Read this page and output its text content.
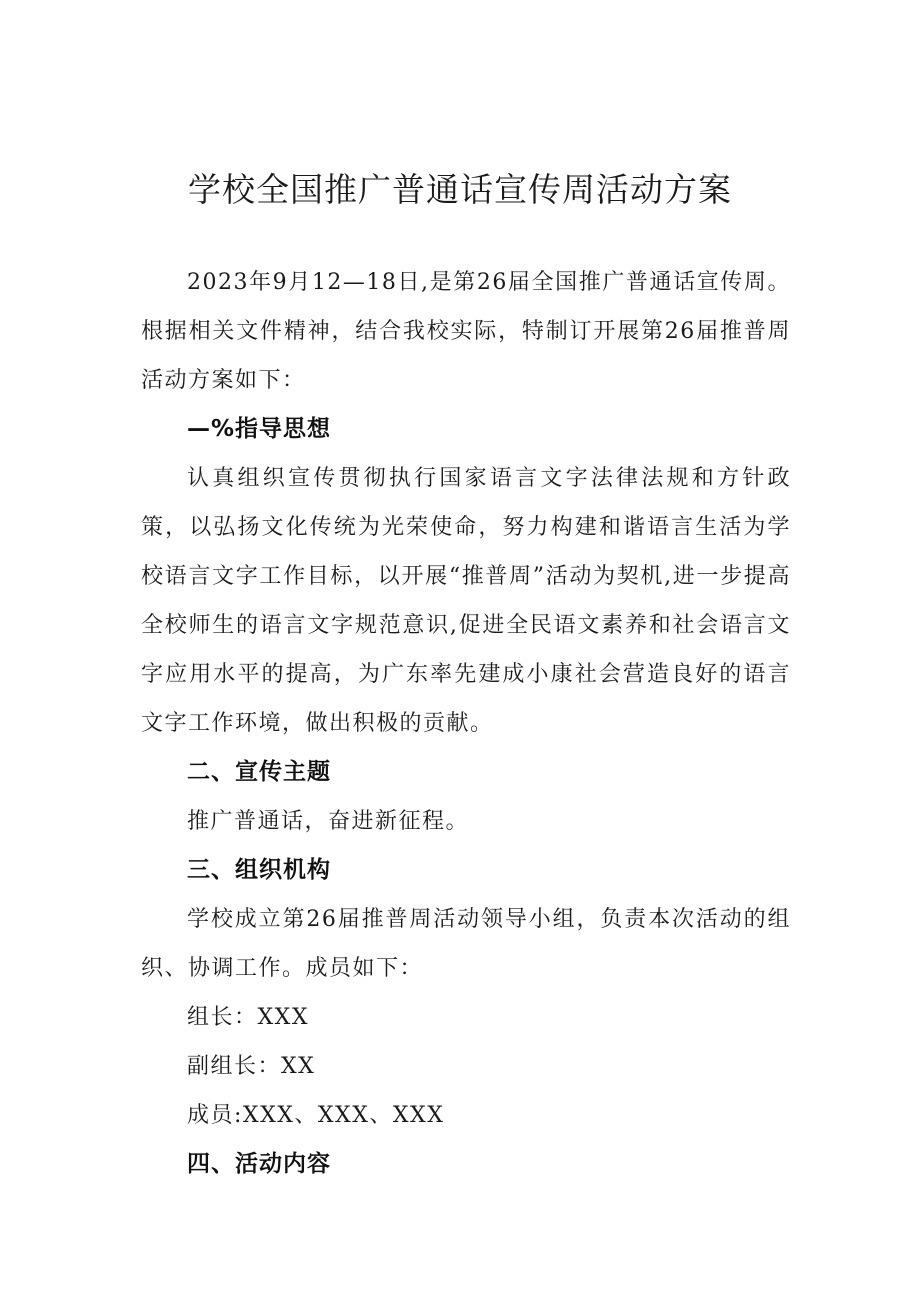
学校全国推广普通话宣传周活动方案

2023年9月12—18日,是第26届全国推广普通话宣传周。根据相关文件精神，结合我校实际，特制订开展第26届推普周活动方案如下：

—%指导思想

认真组织宣传贯彻执行国家语言文字法律法规和方针政策，以弘扬文化传统为光荣使命，努力构建和谐语言生活为学校语言文字工作目标，以开展“推普周”活动为契机,进一步提高全校师生的语言文字规范意识,促进全民语文素养和社会语言文字应用水平的提高，为广东率先建成小康社会营造良好的语言文字工作环境，做出积极的贡献。

二、宣传主题

推广普通话，奋进新征程。

三、组织机构

学校成立第26届推普周活动领导小组，负责本次活动的组织、协调工作。成员如下：

组长：XXX

副组长：XX

成员:XXX、XXX、XXX

四、活动内容
